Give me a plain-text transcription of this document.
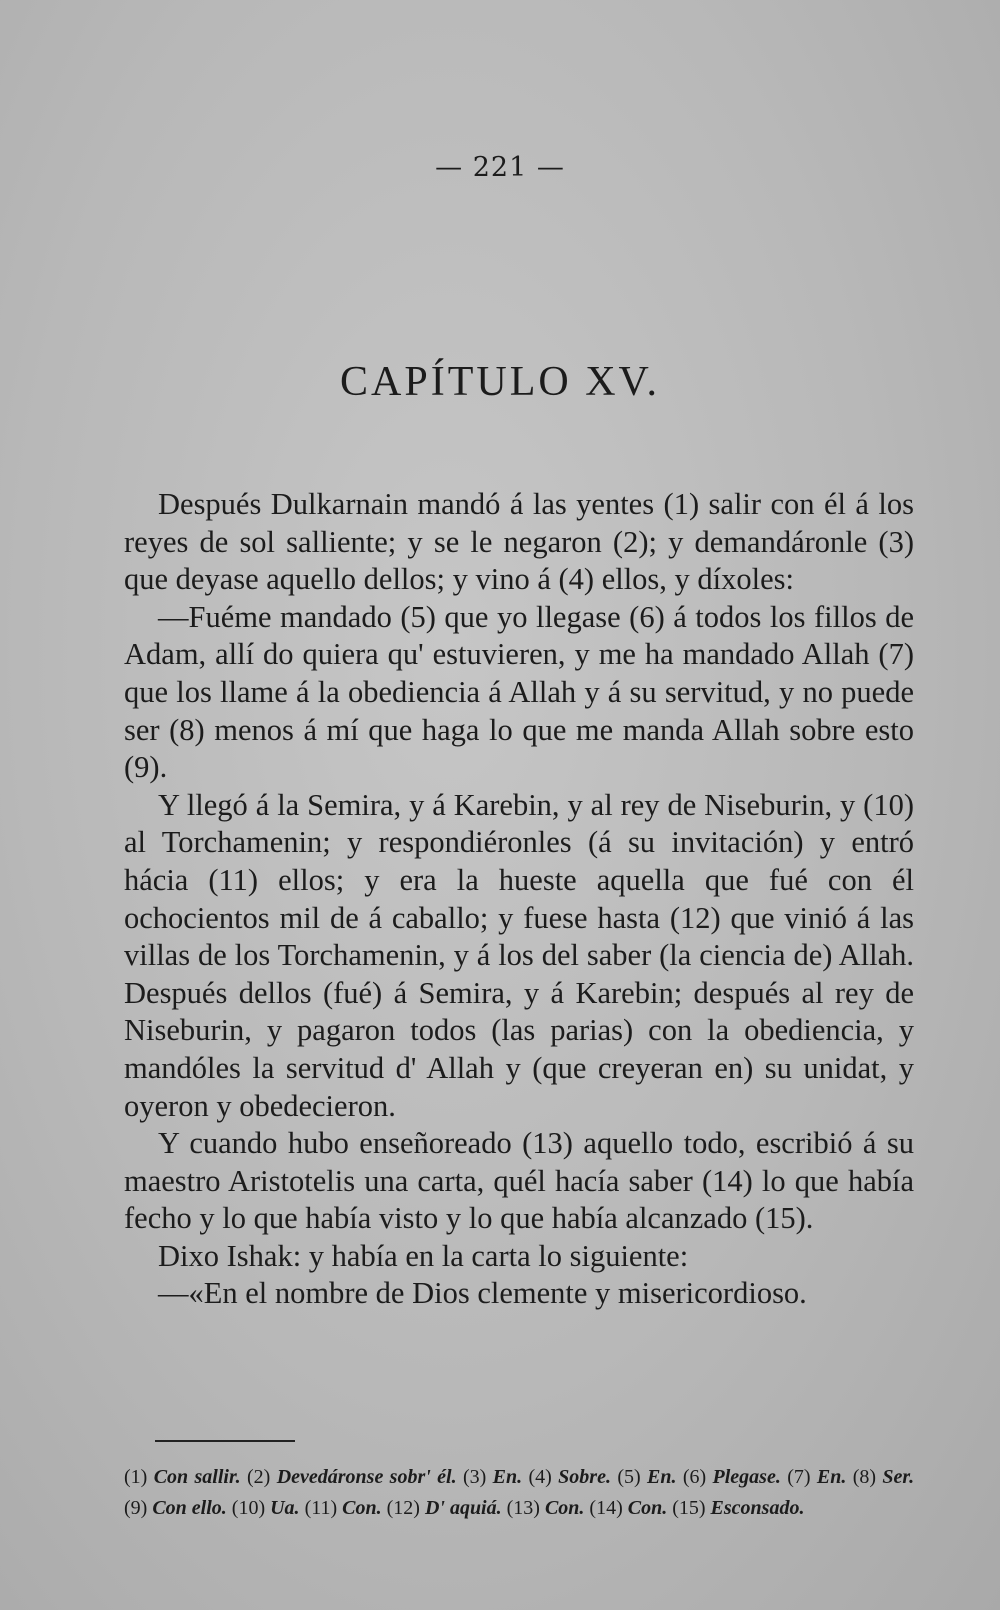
— 221 —
CAPÍTULO XV.

Después Dulkarnain mandó á las yentes (1) salir con él á los reyes de sol salliente; y se le negaron (2); y demandáronle (3) que deyase aquello dellos; y vino á (4) ellos, y díxoles:

—Fuéme mandado (5) que yo llegase (6) á todos los fillos de Adam, allí do quiera qu' estuvieren, y me ha mandado Allah (7) que los llame á la obediencia á Allah y á su servitud, y no puede ser (8) menos á mí que haga lo que me manda Allah sobre esto (9).

Y llegó á la Semira, y á Karebin, y al rey de Niseburin, y (10) al Torchamenin; y respondiéronles (á su invitación) y entró hácia (11) ellos; y era la hueste aquella que fué con él ochocientos mil de á caballo; y fuese hasta (12) que vinió á las villas de los Torchamenin, y á los del saber (la ciencia de) Allah. Después dellos (fué) á Semira, y á Karebin; después al rey de Niseburin, y pagaron todos (las parias) con la obediencia, y mandóles la servitud d' Allah y (que creyeran en) su unidat, y oyeron y obedecieron.

Y cuando hubo enseñoreado (13) aquello todo, escribió á su maestro Aristotelis una carta, quél hacía saber (14) lo que había fecho y lo que había visto y lo que había alcanzado (15).

Dixo Ishak: y había en la carta lo siguiente:

—«En el nombre de Dios clemente y misericordioso.

(1) Con sallir. (2) Devedáronse sobr' él. (3) En. (4) Sobre. (5) En. (6) Plegase. (7) En. (8) Ser. (9) Con ello. (10) Ua. (11) Con. (12) D' aquiá. (13) Con. (14) Con. (15) Esconsado.
